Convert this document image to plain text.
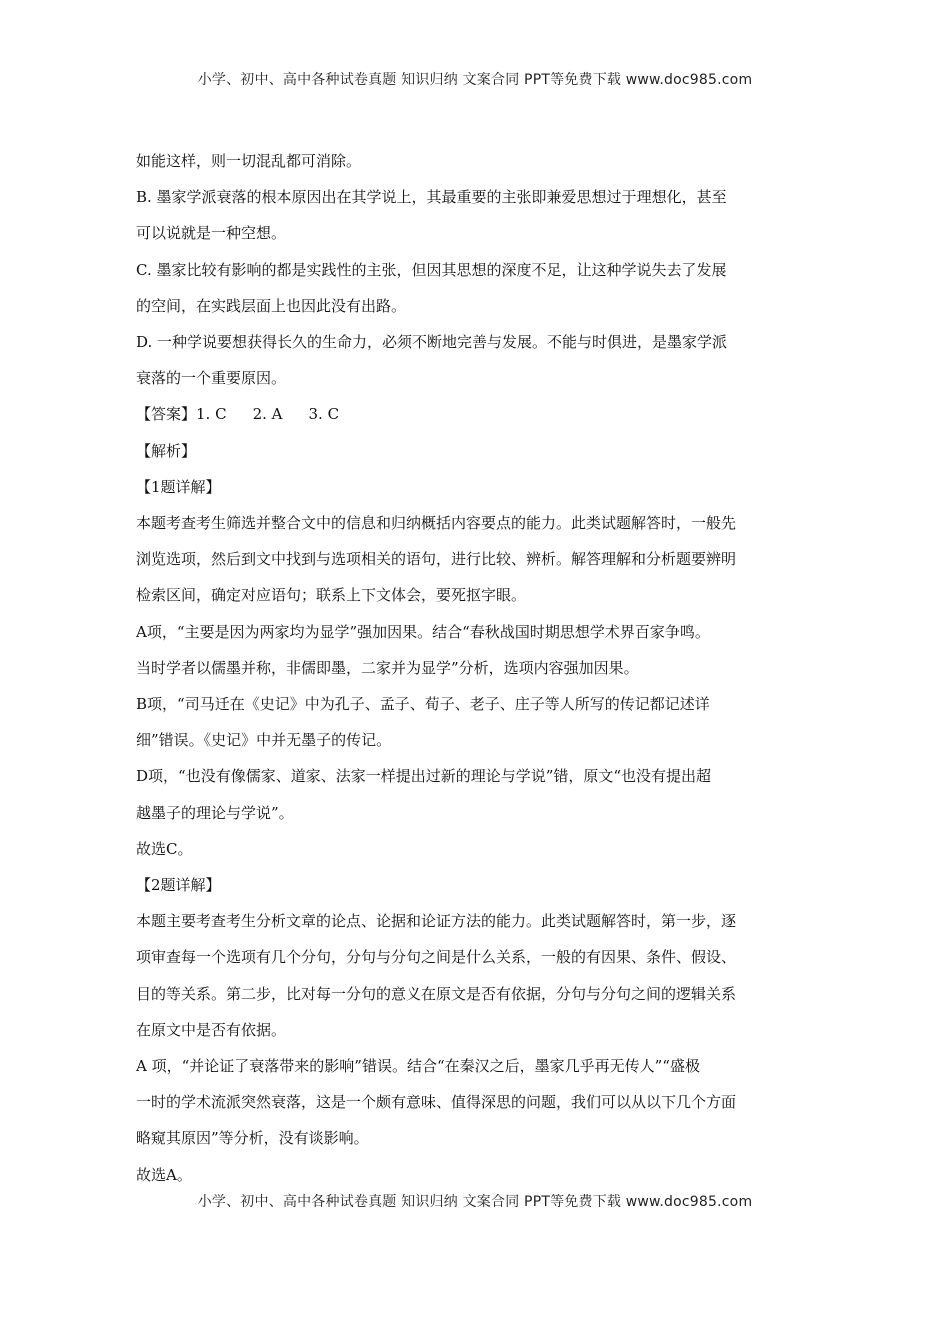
小学、初中、高中各种试卷真题 知识归纳 文案合同 PPT等免费下载 www.doc985.com

如能这样，则一切混乱都可消除。

B. 墨家学派衰落的根本原因出在其学说上，其最重要的主张即兼爱思想过于理想化，甚至

可以说就是一种空想。

C. 墨家比较有影响的都是实践性的主张，但因其思想的深度不足，让这种学说失去了发展

的空间，在实践层面上也因此没有出路。

D. 一种学说要想获得长久的生命力，必须不断地完善与发展。不能与时俱进，是墨家学派

衰落的一个重要原因。

【答案】1. C 2. A 3. C

【解析】

【1题详解】

本题考查考生筛选并整合文中的信息和归纳概括内容要点的能力。此类试题解答时，一般先

浏览选项，然后到文中找到与选项相关的语句，进行比较、辨析。解答理解和分析题要辨明

检索区间，确定对应语句；联系上下文体会，要死抠字眼。

A项，“主要是因为两家均为显学”强加因果。结合“春秋战国时期思想学术界百家争鸣。

当时学者以儒墨并称，非儒即墨，二家并为显学”分析，选项内容强加因果。

B项，“司马迁在《史记》中为孔子、孟子、荀子、老子、庄子等人所写的传记都记述详

细”错误。《史记》中并无墨子的传记。

D项，“也没有像儒家、道家、法家一样提出过新的理论与学说”错，原文“也没有提出超

越墨子的理论与学说”。

故选C。

【2题详解】

本题主要考查考生分析文章的论点、论据和论证方法的能力。此类试题解答时，第一步，逐

项审查每一个选项有几个分句，分句与分句之间是什么关系，一般的有因果、条件、假设、

目的等关系。第二步，比对每一分句的意义在原文是否有依据，分句与分句之间的逻辑关系

在原文中是否有依据。

A 项，“并论证了衰落带来的影响”错误。结合“在秦汉之后，墨家几乎再无传人”“盛极

一时的学术流派突然衰落，这是一个颇有意味、值得深思的问题，我们可以从以下几个方面

略窥其原因”等分析，没有谈影响。

故选A。

小学、初中、高中各种试卷真题 知识归纳 文案合同 PPT等免费下载 www.doc985.com
